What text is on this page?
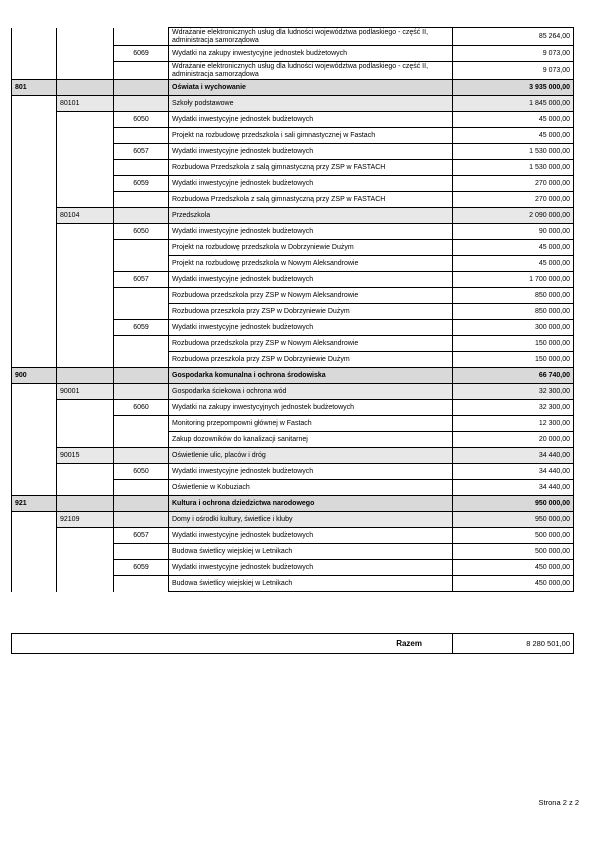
			Wdrażanie elektronicznych usług dla ludności województwa podlaskiego - część II, administracja samorządowa	85 264,00
		6069	Wydatki na zakupy inwestycyjne jednostek budżetowych	9 073,00
			Wdrażanie elektronicznych usług dla ludności województwa podlaskiego - część II, administracja samorządowa	9 073,00
801			Oświata i wychowanie	3 935 000,00
	80101		Szkoły podstawowe	1 845 000,00
		6050	Wydatki inwestycyjne jednostek budżetowych	45 000,00
			Projekt na rozbudowę przedszkola i sali gimnastycznej w Fastach	45 000,00
		6057	Wydatki inwestycyjne jednostek budżetowych	1 530 000,00
			Rozbudowa Przedszkola z salą gimnastyczną przy ZSP w FASTACH	1 530 000,00
		6059	Wydatki inwestycyjne jednostek budżetowych	270 000,00
			Rozbudowa Przedszkola z salą gimnastyczną przy ZSP w FASTACH	270 000,00
	80104		Przedszkola	2 090 000,00
		6050	Wydatki inwestycyjne jednostek budżetowych	90 000,00
			Projekt na rozbudowę przedszkola w Dobrzyniewie Dużym	45 000,00
			Projekt na rozbudowę przedszkola w Nowym Aleksandrowie	45 000,00
		6057	Wydatki inwestycyjne jednostek budżetowych	1 700 000,00
			Rozbudowa przedszkola przy ZSP w Nowym Aleksandrowie	850 000,00
			Rozbudowa przeszkola przy ZSP w Dobrzyniewie Dużym	850 000,00
		6059	Wydatki inwestycyjne jednostek budżetowych	300 000,00
			Rozbudowa przedszkola przy ZSP w Nowym Aleksandrowie	150 000,00
			Rozbudowa przeszkola przy ZSP w Dobrzyniewie Dużym	150 000,00
900			Gospodarka komunalna i ochrona środowiska	66 740,00
	90001		Gospodarka ściekowa i ochrona wód	32 300,00
		6060	Wydatki na zakupy inwestycyjnych jednostek budżetowych	32 300,00
			Monitoring przepompowni głównej w Fastach	12 300,00
			Zakup dozowników do kanalizacji sanitarnej	20 000,00
	90015		Oświetlenie ulic, placów i dróg	34 440,00
		6050	Wydatki inwestycyjne jednostek budżetowych	34 440,00
			Oświetlenie w Kobuziach	34 440,00
921			Kultura i ochrona dziedzictwa narodowego	950 000,00
	92109		Domy i ośrodki kultury, świetlice i kluby	950 000,00
		6057	Wydatki inwestycyjne jednostek budżetowych	500 000,00
			Budowa świetlicy wiejskiej w Letnikach	500 000,00
		6059	Wydatki inwestycyjne jednostek budżetowych	450 000,00
			Budowa świetlicy wiejskiej w Letnikach	450 000,00
Razem	8 280 501,00
Strona 2 z 2
